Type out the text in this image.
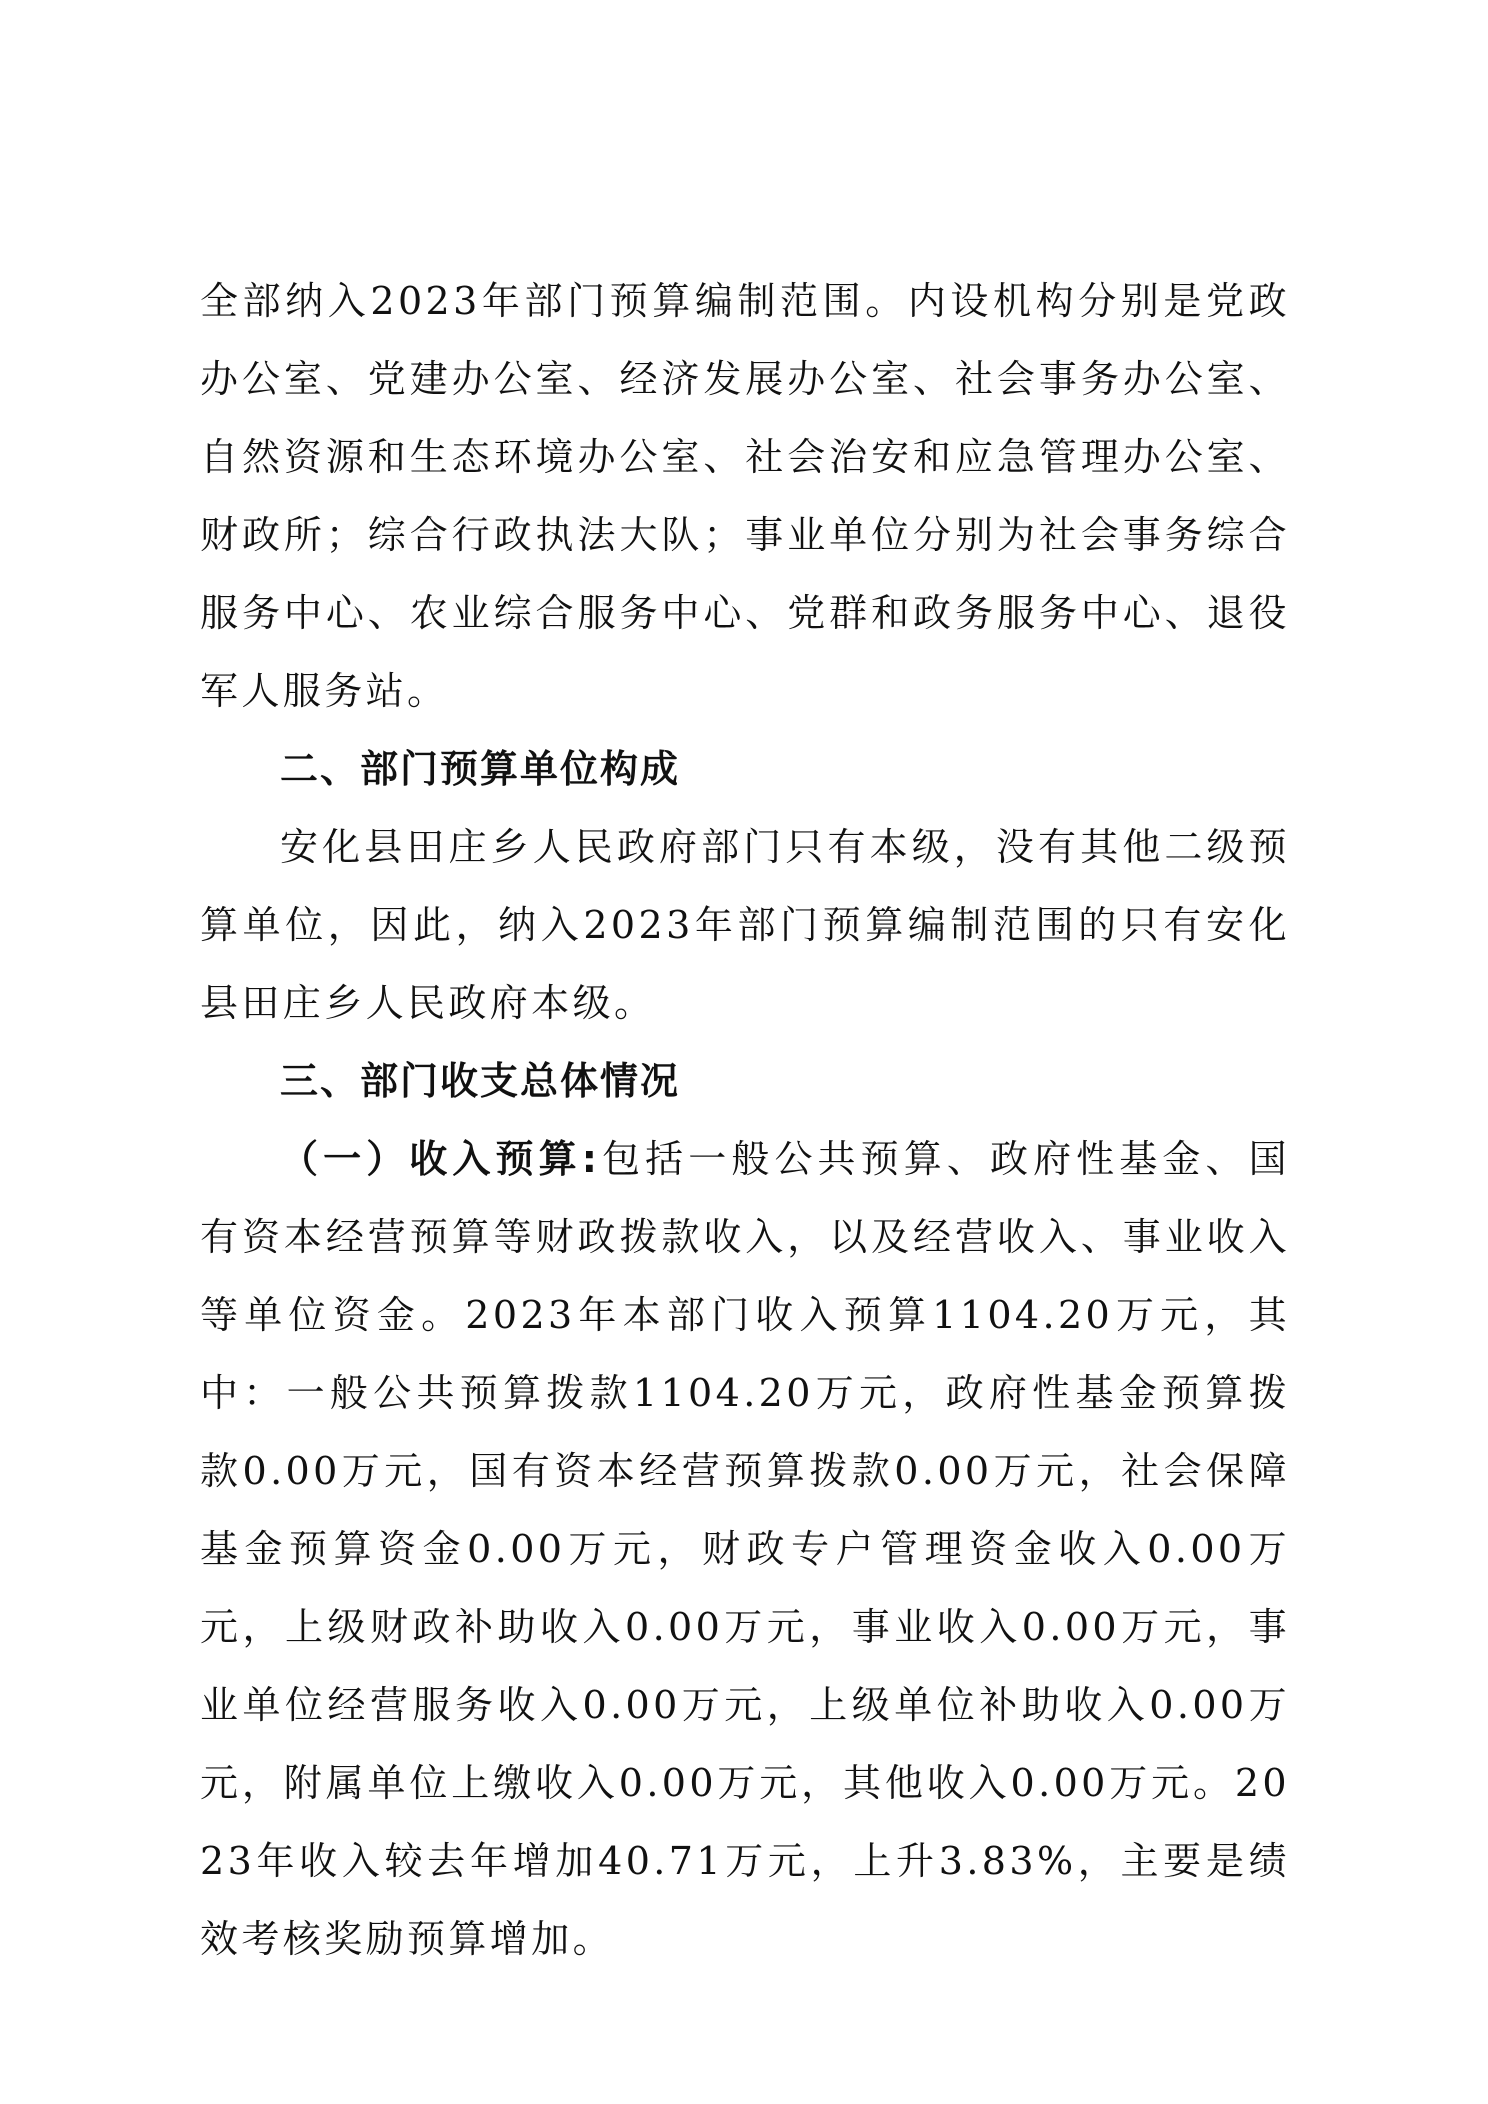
全部纳入2023年部门预算编制范围。内设机构分别是党政办公室、党建办公室、经济发展办公室、社会事务办公室、自然资源和生态环境办公室、社会治安和应急管理办公室、财政所；综合行政执法大队；事业单位分别为社会事务综合服务中心、农业综合服务中心、党群和政务服务中心、退役军人服务站。

二、部门预算单位构成

安化县田庄乡人民政府部门只有本级，没有其他二级预算单位，因此，纳入2023年部门预算编制范围的只有安化县田庄乡人民政府本级。

三、部门收支总体情况

（一）收入预算:包括一般公共预算、政府性基金、国有资本经营预算等财政拨款收入，以及经营收入、事业收入等单位资金。2023年本部门收入预算1104.20万元，其中：一般公共预算拨款1104.20万元，政府性基金预算拨款0.00万元，国有资本经营预算拨款0.00万元，社会保障基金预算资金0.00万元，财政专户管理资金收入0.00万元，上级财政补助收入0.00万元，事业收入0.00万元，事业单位经营服务收入0.00万元，上级单位补助收入0.00万元，附属单位上缴收入0.00万元，其他收入0.00万元。2023年收入较去年增加40.71万元，上升3.83%，主要是绩效考核奖励预算增加。
